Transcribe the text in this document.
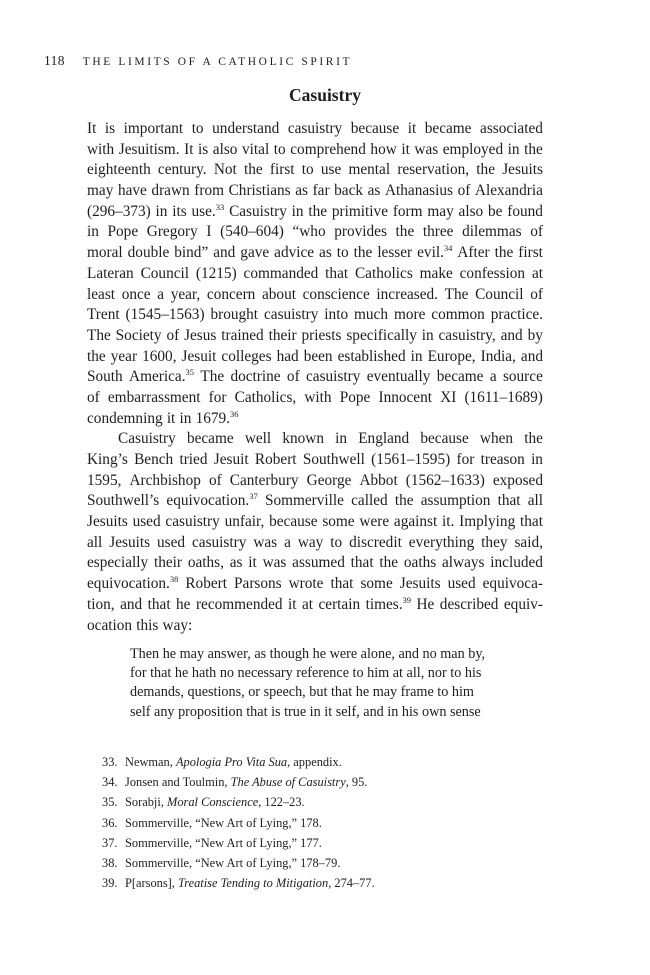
118 THE LIMITS OF A CATHOLIC SPIRIT
Casuistry
It is important to understand casuistry because it became associated
with Jesuitism. It is also vital to comprehend how it was employed in the
eighteenth century. Not the first to use mental reservation, the Jesuits
may have drawn from Christians as far back as Athanasius of Alexandria
(296–373) in its use.$^{33}$ Casuistry in the primitive form may also be found
in Pope Gregory I (540–604) “who provides the three dilemmas of
moral double bind” and gave advice as to the lesser evil.$^{34}$ After the first
Lateran Council (1215) commanded that Catholics make confession at
least once a year, concern about conscience increased. The Council of
Trent (1545–1563) brought casuistry into much more common practice.
The Society of Jesus trained their priests specifically in casuistry, and by
the year 1600, Jesuit colleges had been established in Europe, India, and
South America.$^{35}$ The doctrine of casuistry eventually became a source
of embarrassment for Catholics, with Pope Innocent XI (1611–1689)
condemning it in 1679.36
Casuistry became well known in England because when the
King’s Bench tried Jesuit Robert Southwell (1561–1595) for treason in
1595, Archbishop of Canterbury George Abbot (1562–1633) exposed
Southwell’s equivocation.$^{37}$ Sommerville called the assumption that all
Jesuits used casuistry unfair, because some were against it. Implying that
all Jesuits used casuistry was a way to discredit everything they said,
especially their oaths, as it was assumed that the oaths always included
equivocation.$^{38}$ Robert Parsons wrote that some Jesuits used equivoca-
tion, and that he recommended it at certain times.$^{39}$ He described equiv-
ocation this way:
Then he may answer, as though he were alone, and no man by,
for that he hath no necessary reference to him at all, nor to his
demands, questions, or speech, but that he may frame to him
self any proposition that is true in it self, and in his own sense
33. Newman, Apologia Pro Vita Sua, appendix.
34. Jonsen and Toulmin, The Abuse of Casuistry, 95.
35. Sorabji, Moral Conscience, 122–23.
36. Sommerville, “New Art of Lying,” 178.
37. Sommerville, “New Art of Lying,” 177.
38. Sommerville, “New Art of Lying,” 178–79.
39. P[arsons], Treatise Tending to Mitigation, 274–77.
